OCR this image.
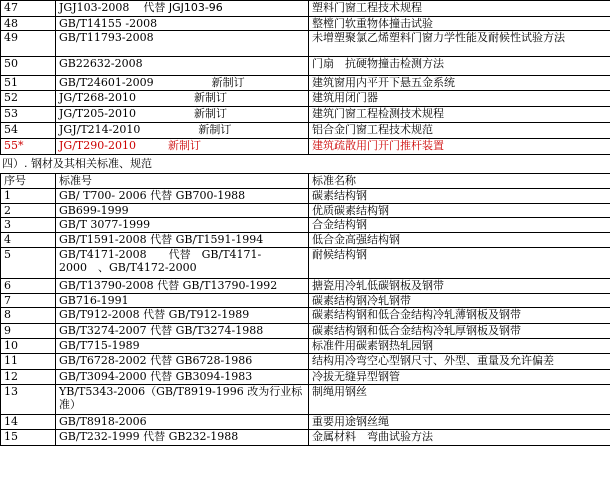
47	JGJ103-2008 代替 JGJ103-96	塑料门窗工程技术规程
48	GB/T14155 -2008	整樘门软重物体撞击试验
49	GB/T11793-2008	未增塑聚氯乙烯塑料门窗力学性能及耐候性试验方法
50	GB22632-2008	门扇　抗硬物撞击检测方法
51	GB/T24601-2009 新制订	建筑窗用内平开下悬五金系统
52	JG/T268-2010 新制订	建筑用闭门器
53	JG/T205-2010 新制订	建筑门窗工程检测技术规程
54	JGJ/T214-2010 新制订	铝合金门窗工程技术规范
55*	JG/T290-2010 新制订	建筑疏散用门开门推杆装置
四）. 钢材及其相关标准、规范
序号	标准号	标准名称
1	GB/ T700- 2006 代替 GB700-1988	碳素结构钢
2	GB699-1999	优质碳素结构钢
3	GB/T 3077-1999	合金结构钢
4	GB/T1591-2008 代替 GB/T1591-1994	低合金高强结构钢
5	GB/T4171-2008　　代替　GB/T4171-2000　、GB/T4172-2000	耐候结构钢
6	GB/T13790-2008 代替 GB/T13790-1992	搪瓷用冷轧低碳钢板及钢带
7	GB716-1991	碳素结构钢冷轧钢带
8	GB/T912-2008 代替 GB/T912-1989	碳素结构钢和低合金结构冷轧薄钢板及钢带
9	GB/T3274-2007 代替 GB/T3274-1988	碳素结构钢和低合金结构冷轧厚钢板及钢带
10	GB/T715-1989	标准件用碳素钢热轧园钢
11	GB/T6728-2002 代替 GB6728-1986	结构用冷弯空心型钢尺寸、外型、重量及允许偏差
12	GB/T3094-2000 代替 GB3094-1983	冷拔无缝异型钢管
13	YB/T5343-2006（GB/T8919-1996 改为行业标准）	制绳用钢丝
14	GB/T8918-2006	重要用途钢丝绳
15	GB/T232-1999 代替 GB232-1988	金属材料　弯曲试验方法
